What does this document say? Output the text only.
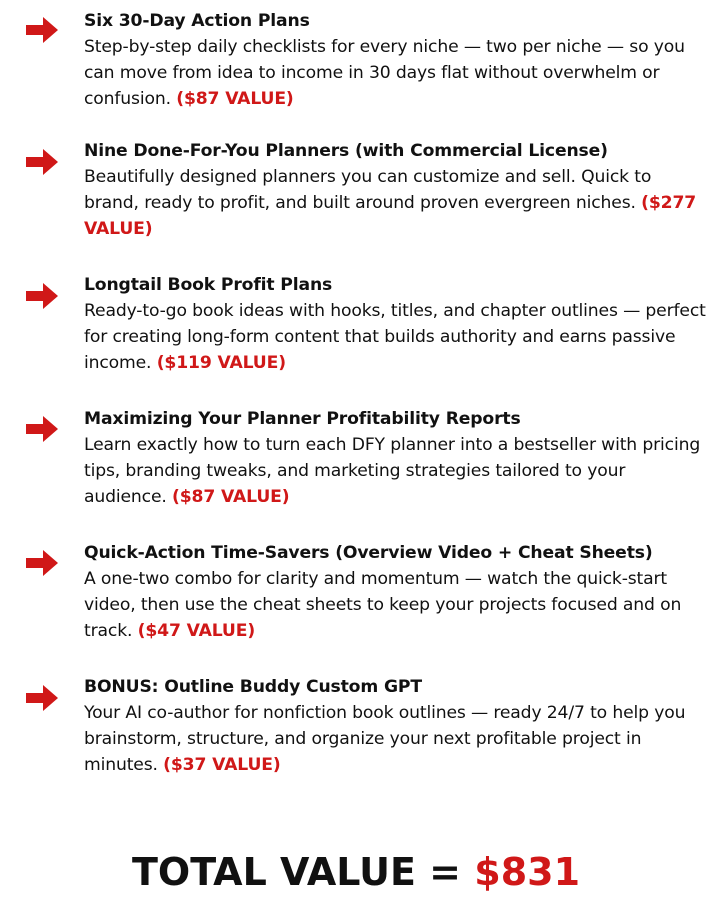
Six 30-Day Action Plans
Step-by-step daily checklists for every niche — two per niche — so you can move from idea to income in 30 days flat without overwhelm or confusion. ($87 VALUE)
Nine Done-For-You Planners (with Commercial License)
Beautifully designed planners you can customize and sell. Quick to brand, ready to profit, and built around proven evergreen niches. ($277 VALUE)
Longtail Book Profit Plans
Ready-to-go book ideas with hooks, titles, and chapter outlines — perfect for creating long-form content that builds authority and earns passive income. ($119 VALUE)
Maximizing Your Planner Profitability Reports
Learn exactly how to turn each DFY planner into a bestseller with pricing tips, branding tweaks, and marketing strategies tailored to your audience. ($87 VALUE)
Quick-Action Time-Savers (Overview Video + Cheat Sheets)
A one-two combo for clarity and momentum — watch the quick-start video, then use the cheat sheets to keep your projects focused and on track. ($47 VALUE)
BONUS: Outline Buddy Custom GPT
Your AI co-author for nonfiction book outlines — ready 24/7 to help you brainstorm, structure, and organize your next profitable project in minutes. ($37 VALUE)
TOTAL VALUE = $831
